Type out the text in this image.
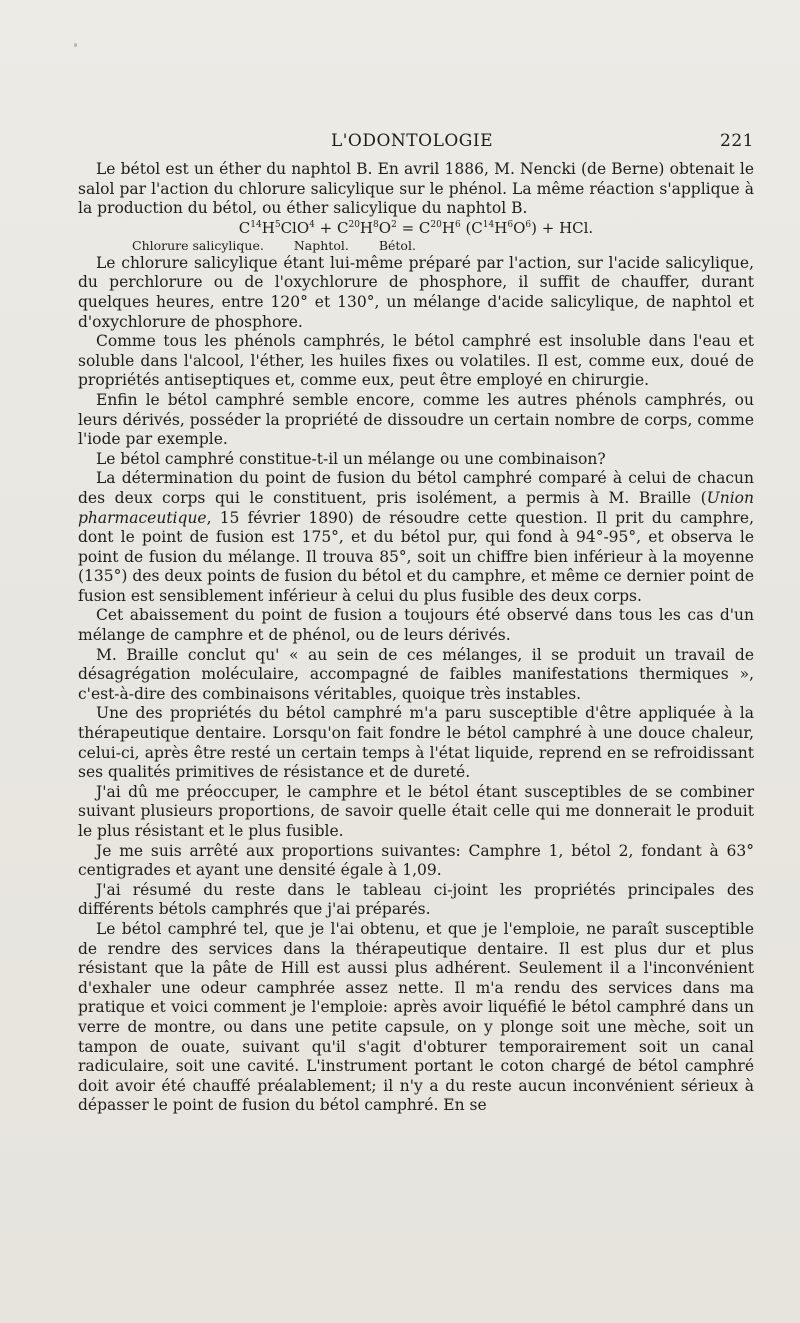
L'ODONTOLOGIE	221

Le bétol est un éther du naphtol B. En avril 1886, M. Nencki (de Berne) obtenait le salol par l'action du chlorure salicylique sur le phénol. La même réaction s'applique à la production du bétol, ou éther salicylique du naphtol B.

$C^{14}H^5ClO^4 + C^{20}H^8O^2 = C^{20}H^6$ $(C^{14}H^6O^6)$ + HCl.
Chlorure salicylique. Naphtol. Bétol.

Le chlorure salicylique étant lui-même préparé par l'action, sur l'acide salicylique, du perchlorure ou de l'oxychlorure de phosphore, il suffit de chauffer, durant quelques heures, entre 120° et 130°, un mélange d'acide salicylique, de naphtol et d'oxychlorure de phosphore.

Comme tous les phénols camphrés, le bétol camphré est insoluble dans l'eau et soluble dans l'alcool, l'éther, les huiles fixes ou volatiles. Il est, comme eux, doué de propriétés antiseptiques et, comme eux, peut être employé en chirurgie.

Enfin le bétol camphré semble encore, comme les autres phénols camphrés, ou leurs dérivés, posséder la propriété de dissoudre un certain nombre de corps, comme l'iode par exemple.

Le bétol camphré constitue-t-il un mélange ou une combinaison?

La détermination du point de fusion du bétol camphré comparé à celui de chacun des deux corps qui le constituent, pris isolément, a permis à M. Braille (Union pharmaceutique, 15 février 1890) de résoudre cette question. Il prit du camphre, dont le point de fusion est 175°, et du bétol pur, qui fond à 94°-95°, et observa le point de fusion du mélange. Il trouva 85°, soit un chiffre bien inférieur à la moyenne (135°) des deux points de fusion du bétol et du camphre, et même ce dernier point de fusion est sensiblement inférieur à celui du plus fusible des deux corps.

Cet abaissement du point de fusion a toujours été observé dans tous les cas d'un mélange de camphre et de phénol, ou de leurs dérivés.

M. Braille conclut qu' « au sein de ces mélanges, il se produit un travail de désagrégation moléculaire, accompagné de faibles manifestations thermiques », c'est-à-dire des combinaisons véritables, quoique très instables.

Une des propriétés du bétol camphré m'a paru susceptible d'être appliquée à la thérapeutique dentaire. Lorsqu'on fait fondre le bétol camphré à une douce chaleur, celui-ci, après être resté un certain temps à l'état liquide, reprend en se refroidissant ses qualités primitives de résistance et de dureté.

J'ai dû me préoccuper, le camphre et le bétol étant susceptibles de se combiner suivant plusieurs proportions, de savoir quelle était celle qui me donnerait le produit le plus résistant et le plus fusible.

Je me suis arrêté aux proportions suivantes: Camphre 1, bétol 2, fondant à 63° centigrades et ayant une densité égale à 1,09.

J'ai résumé du reste dans le tableau ci-joint les propriétés principales des différents bétols camphrés que j'ai préparés.

Le bétol camphré tel, que je l'ai obtenu, et que je l'emploie, ne paraît susceptible de rendre des services dans la thérapeutique dentaire. Il est plus dur et plus résistant que la pâte de Hill est aussi plus adhérent. Seulement il a l'inconvénient d'exhaler une odeur camphrée assez nette. Il m'a rendu des services dans ma pratique et voici comment je l'emploie: après avoir liquéfié le bétol camphré dans un verre de montre, ou dans une petite capsule, on y plonge soit une mèche, soit un tampon de ouate, suivant qu'il s'agit d'obturer temporairement soit un canal radiculaire, soit une cavité. L'instrument portant le coton chargé de bétol camphré doit avoir été chauffé préalablement; il n'y a du reste aucun inconvénient sérieux à dépasser le point de fusion du bétol camphré. En se
